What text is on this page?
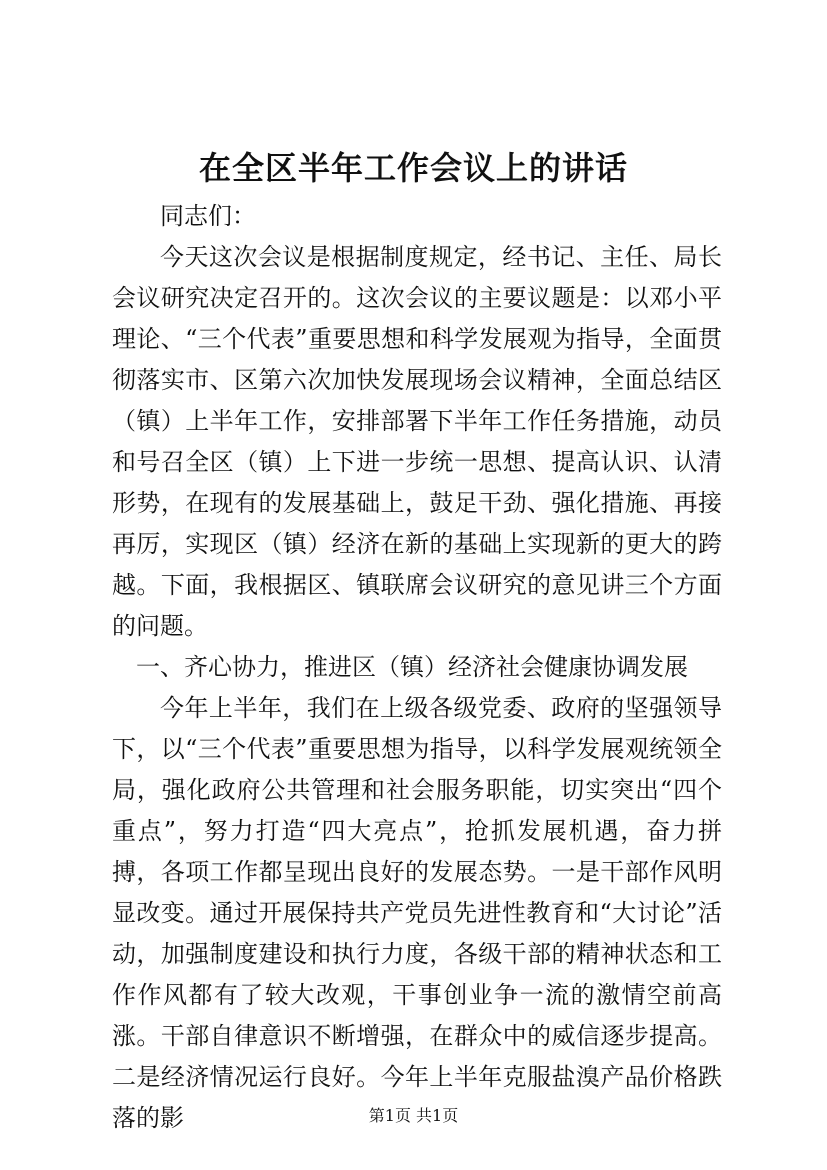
在全区半年工作会议上的讲话

同志们：

今天这次会议是根据制度规定，经书记、主任、局长会议研究决定召开的。这次会议的主要议题是：以邓小平理论、“三个代表”重要思想和科学发展观为指导，全面贯彻落实市、区第六次加快发展现场会议精神，全面总结区（镇）上半年工作，安排部署下半年工作任务措施，动员和号召全区（镇）上下进一步统一思想、提高认识、认清形势，在现有的发展基础上，鼓足干劲、强化措施、再接再厉，实现区（镇）经济在新的基础上实现新的更大的跨越。下面，我根据区、镇联席会议研究的意见讲三个方面的问题。

一、齐心协力，推进区（镇）经济社会健康协调发展

今年上半年，我们在上级各级党委、政府的坚强领导下，以“三个代表”重要思想为指导，以科学发展观统领全局，强化政府公共管理和社会服务职能，切实突出“四个重点”，努力打造“四大亮点”，抢抓发展机遇，奋力拼搏，各项工作都呈现出良好的发展态势。一是干部作风明显改变。通过开展保持共产党员先进性教育和“大讨论”活动，加强制度建设和执行力度，各级干部的精神状态和工作作风都有了较大改观，干事创业争一流的激情空前高涨。干部自律意识不断增强，在群众中的威信逐步提高。二是经济情况运行良好。今年上半年克服盐溴产品价格跌落的影	第1页 共1页
